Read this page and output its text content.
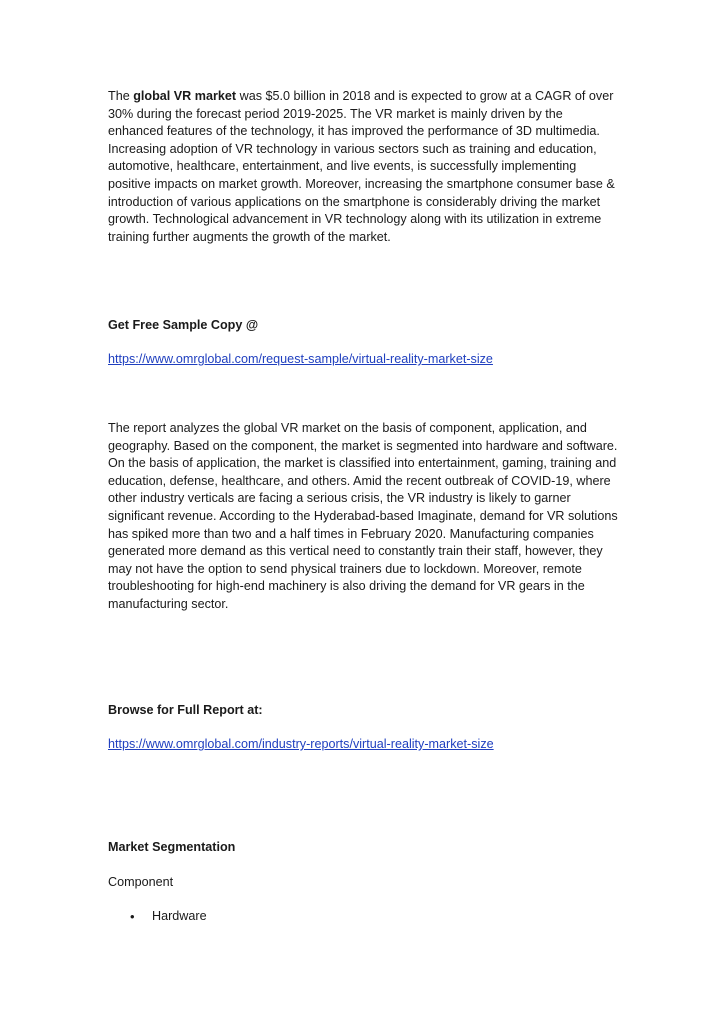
The global VR market was $5.0 billion in 2018 and is expected to grow at a CAGR of over 30% during the forecast period 2019-2025. The VR market is mainly driven by the enhanced features of the technology, it has improved the performance of 3D multimedia. Increasing adoption of VR technology in various sectors such as training and education, automotive, healthcare, entertainment, and live events, is successfully implementing positive impacts on market growth. Moreover, increasing the smartphone consumer base & introduction of various applications on the smartphone is considerably driving the market growth. Technological advancement in VR technology along with its utilization in extreme training further augments the growth of the market.
Get Free Sample Copy @
https://www.omrglobal.com/request-sample/virtual-reality-market-size
The report analyzes the global VR market on the basis of component, application, and geography. Based on the component, the market is segmented into hardware and software. On the basis of application, the market is classified into entertainment, gaming, training and education, defense, healthcare, and others. Amid the recent outbreak of COVID-19, where other industry verticals are facing a serious crisis, the VR industry is likely to garner significant revenue. According to the Hyderabad-based Imaginate, demand for VR solutions has spiked more than two and a half times in February 2020. Manufacturing companies generated more demand as this vertical need to constantly train their staff, however, they may not have the option to send physical trainers due to lockdown. Moreover, remote troubleshooting for high-end machinery is also driving the demand for VR gears in the manufacturing sector.
Browse for Full Report at:
https://www.omrglobal.com/industry-reports/virtual-reality-market-size
Market Segmentation
Component
•	Hardware
